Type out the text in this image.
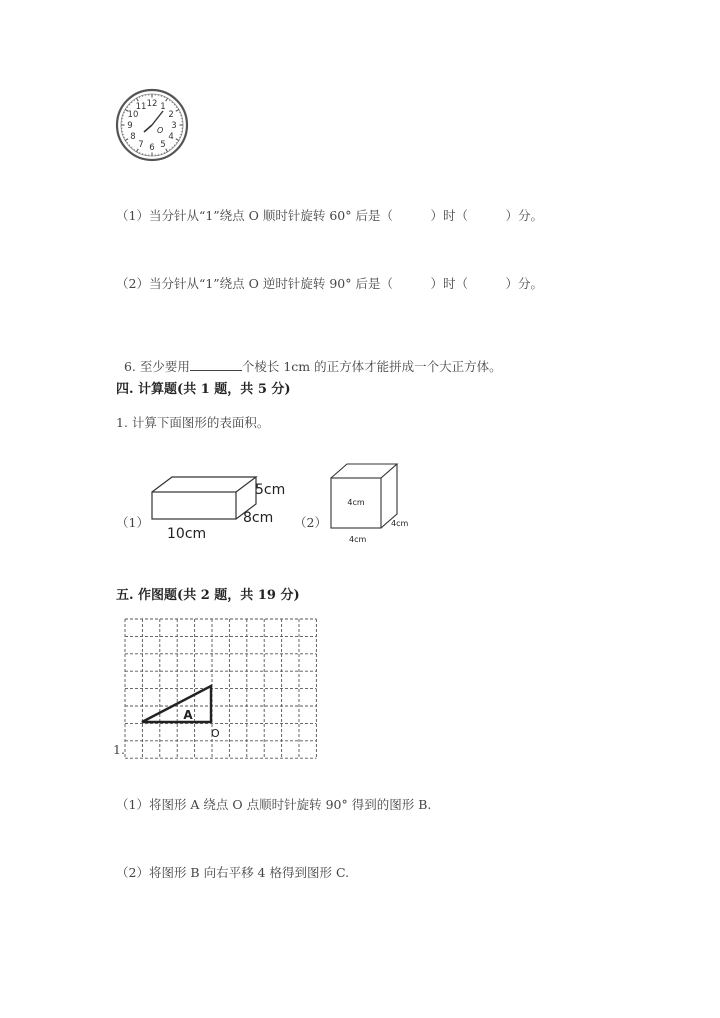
12 1
2
3
4
5
6
7
8
9
10
11
O
（1）当分针从“1”绕点 O 顺时针旋转 60° 后是（　　　）时（　　　）分。
（2）当分针从“1”绕点 O 逆时针旋转 90° 后是（　　　）时（　　　）分。

6. 至少要用	个棱长 1cm 的正方体才能拼成一个大正方体。

四. 计算题(共 1 题，共 5 分)
1. 计算下面图形的表面积。
（1）
5cm
8cm
10cm
（2）
4cm
4cm
4cm
五. 作图题(共 2 题，共 19 分)
1.
A
O
（1）将图形 A 绕点 O 点顺时针旋转 90° 得到的图形 B.
（2）将图形 B 向右平移 4 格得到图形 C.
